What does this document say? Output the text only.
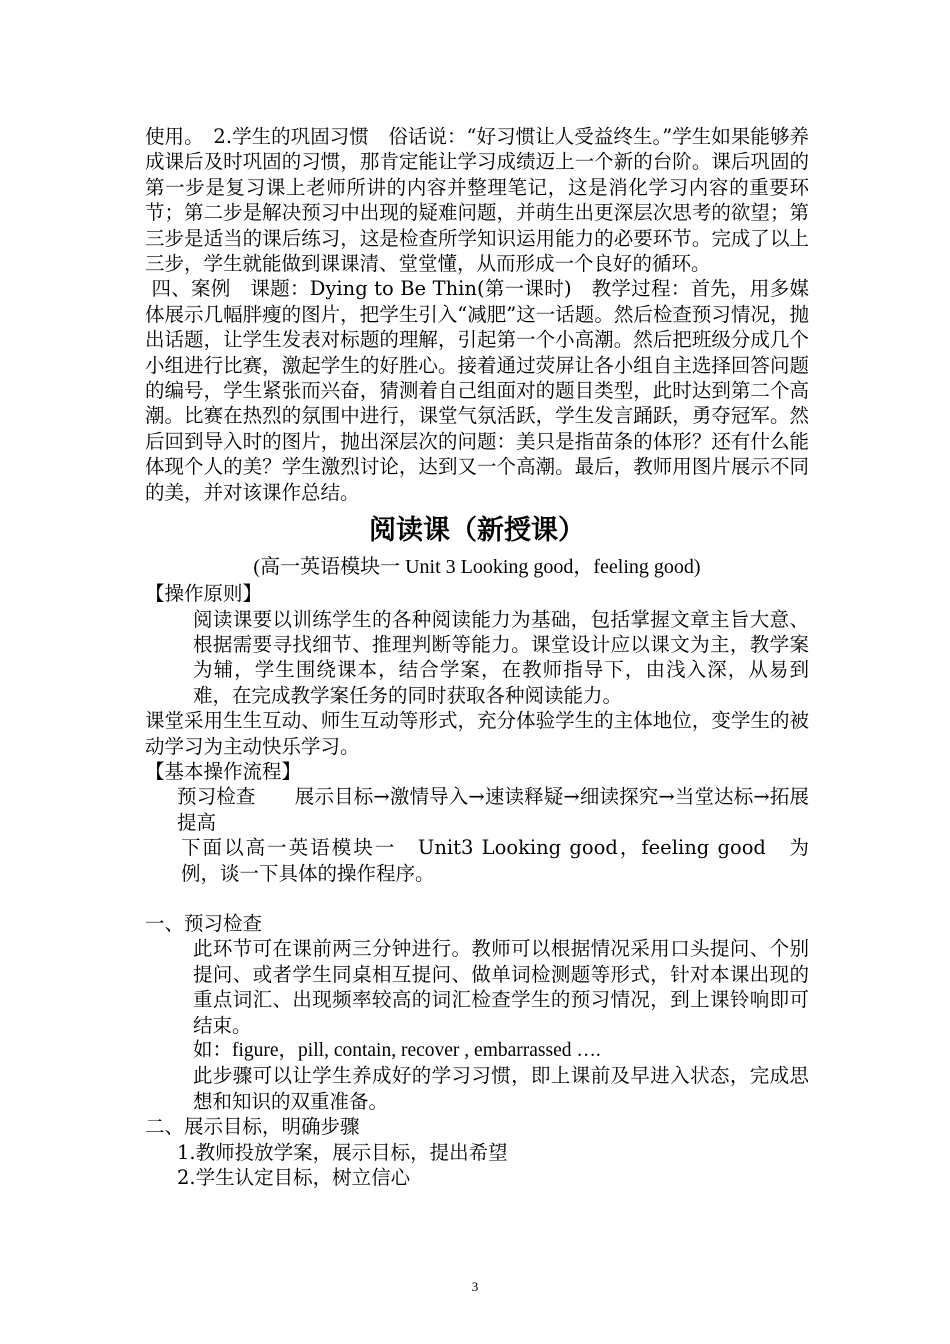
使用。　2.学生的巩固习惯　俗话说：“好习惯让人受益终生。”学生如果能够养成课后及时巩固的习惯，那肯定能让学习成绩迈上一个新的台阶。课后巩固的第一步是复习课上老师所讲的内容并整理笔记，这是消化学习内容的重要环节；第二步是解决预习中出现的疑难问题，并萌生出更深层次思考的欲望；第三步是适当的课后练习，这是检查所学知识运用能力的必要环节。完成了以上三步，学生就能做到课课清、堂堂懂，从而形成一个良好的循环。

四、案例　课题：Dying to Be Thin(第一课时)　教学过程：首先，用多媒体展示几幅胖瘦的图片，把学生引入“减肥”这一话题。然后检查预习情况，抛出话题，让学生发表对标题的理解，引起第一个小高潮。然后把班级分成几个小组进行比赛，激起学生的好胜心。接着通过荧屏让各小组自主选择回答问题的编号，学生紧张而兴奋，猜测着自己组面对的题目类型，此时达到第二个高潮。比赛在热烈的氛围中进行，课堂气氛活跃，学生发言踊跃，勇夺冠军。然后回到导入时的图片，抛出深层次的问题：美只是指苗条的体形？还有什么能体现个人的美？学生激烈讨论，达到又一个高潮。最后，教师用图片展示不同的美，并对该课作总结。

阅读课（新授课）

(高一英语模块一 Unit 3 Looking good，feeling good)

【操作原则】

阅读课要以训练学生的各种阅读能力为基础，包括掌握文章主旨大意、根据需要寻找细节、推理判断等能力。课堂设计应以课文为主，教学案为辅，学生围绕课本，结合学案，在教师指导下，由浅入深，从易到难，在完成教学案任务的同时获取各种阅读能力。

课堂采用生生互动、师生互动等形式，充分体验学生的主体地位，变学生的被动学习为主动快乐学习。

【基本操作流程】

预习检查　　展示目标→激情导入→速读释疑→细读探究→当堂达标→拓展提高

下面以高一英语模块一　Unit3 Looking good，feeling good　为例，谈一下具体的操作程序。

一、预习检查

此环节可在课前两三分钟进行。教师可以根据情况采用口头提问、个别提问、或者学生同桌相互提问、做单词检测题等形式，针对本课出现的重点词汇、出现频率较高的词汇检查学生的预习情况，到上课铃响即可结束。

如：figure，pill, contain, recover , embarrassed ….

此步骤可以让学生养成好的学习习惯，即上课前及早进入状态，完成思想和知识的双重准备。

二、展示目标，明确步骤

1.教师投放学案，展示目标，提出希望

2.学生认定目标，树立信心

3
